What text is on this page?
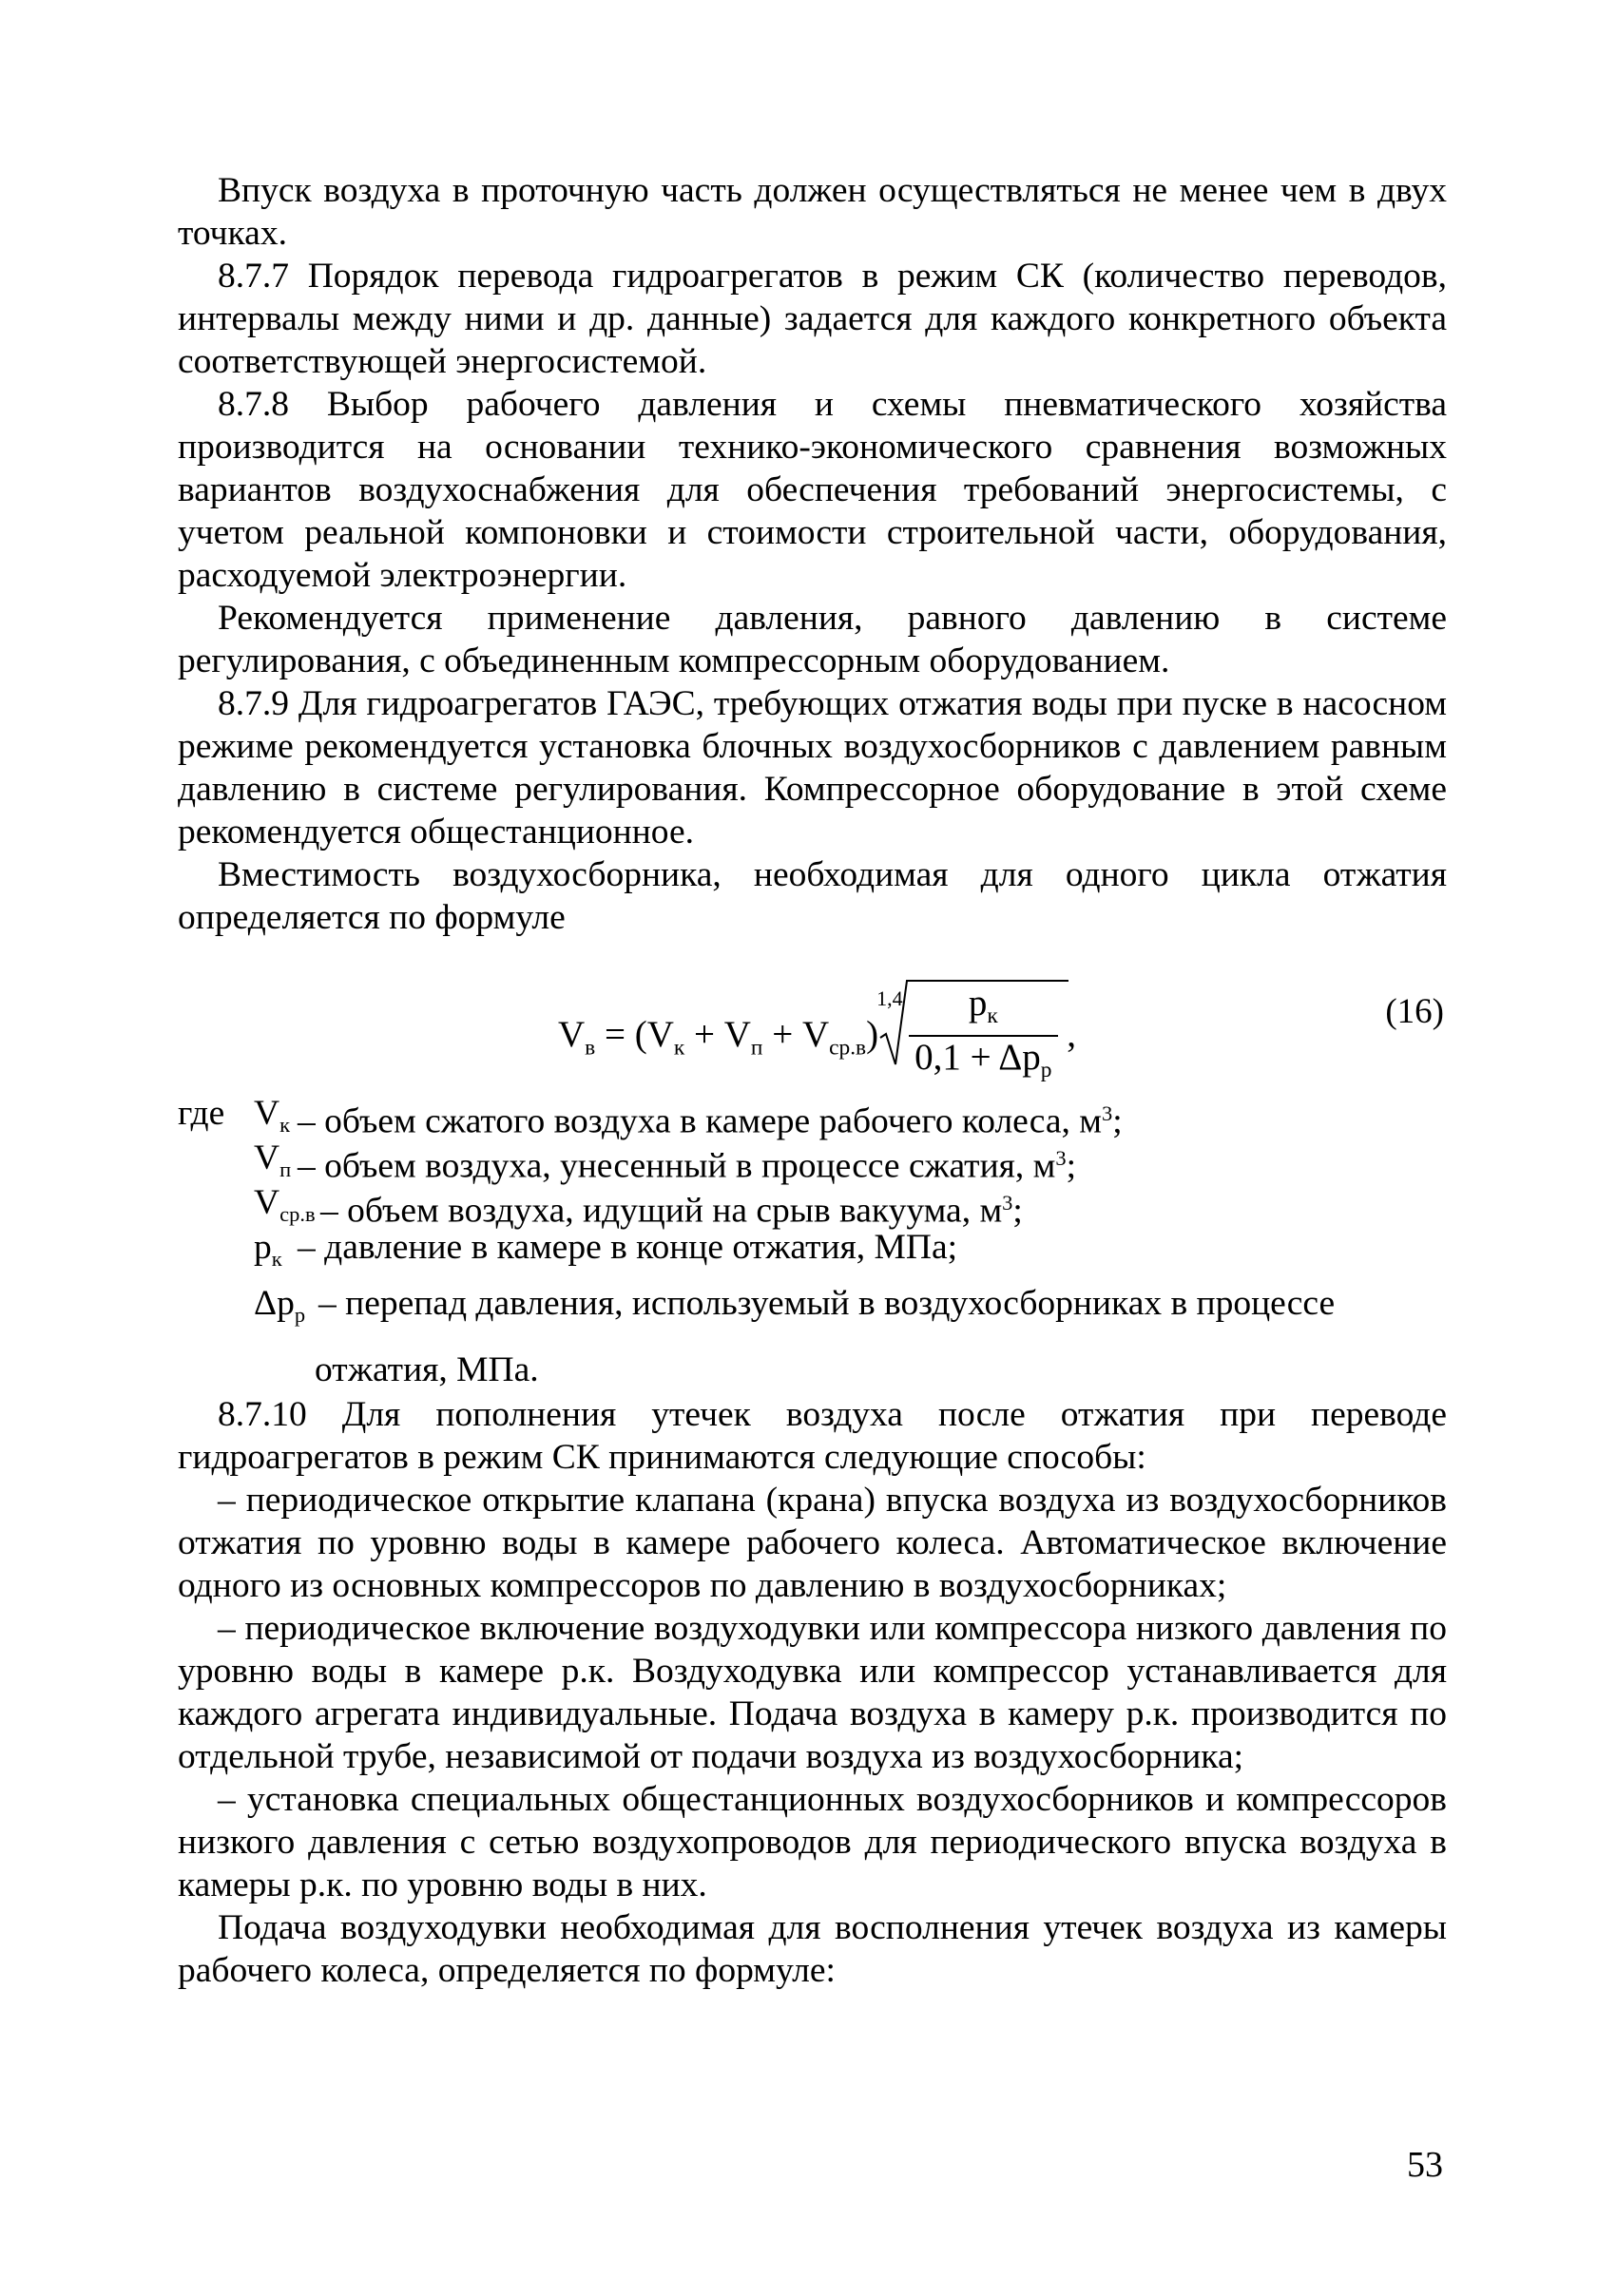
Впуск воздуха в проточную часть должен осуществляться не менее чем в двух точках.

8.7.7 Порядок перевода гидроагрегатов в режим СК (количество переводов, интервалы между ними и др. данные) задается для каждого конкретного объекта соответствующей энергосистемой.

8.7.8 Выбор рабочего давления и схемы пневматического хозяйства производится на основании технико-экономического сравнения возможных вариантов воздухоснабжения для обеспечения требований энергосистемы, с учетом реальной компоновки и стоимости строительной части, оборудования, расходуемой электроэнергии.

Рекомендуется применение давления, равного давлению в системе регулирования, с объединенным компрессорным оборудованием.

8.7.9 Для гидроагрегатов ГАЭС, требующих отжатия воды при пуске в насосном режиме рекомендуется установка блочных воздухосборников с давлением равным давлению в системе регулирования. Компрессорное оборудование в этой схеме рекомендуется общестанционное.

Вместимость воздухосборника, необходимая для одного цикла отжатия определяется по формуле

$V_в = (V_к + V_п + V_{ср.в})$
$1,4 \frac{p_к}{0,1 + \Delta p_р}$ ,
(16)
где $V_к$ – объем сжатого воздуха в камере рабочего колеса, $м^3$;
$V_п$ – объем воздуха, унесенный в процессе сжатия, $м^3$;
$V_{ср.в}$ – объем воздуха, идущий на срыв вакуума, $м^3$;
$p_к$ – давление в камере в конце отжатия, МПа;
$\Delta p_р$ – перепад давления, используемый в воздухосборниках в процессе
отжатия, МПа.

8.7.10 Для пополнения утечек воздуха после отжатия при переводе гидроагрегатов в режим СК принимаются следующие способы:

– периодическое открытие клапана (крана) впуска воздуха из воздухосборников отжатия по уровню воды в камере рабочего колеса. Автоматическое включение одного из основных компрессоров по давлению в воздухосборниках;

– периодическое включение воздуходувки или компрессора низкого давления по уровню воды в камере р.к. Воздуходувка или компрессор устанавливается для каждого агрегата индивидуальные. Подача воздуха в камеру р.к. производится по отдельной трубе, независимой от подачи воздуха из воздухосборника;

– установка специальных общестанционных воздухосборников и компрессоров низкого давления с сетью воздухопроводов для периодического впуска воздуха в камеры р.к. по уровню воды в них.

Подача воздуходувки необходимая для восполнения утечек воздуха из камеры рабочего колеса, определяется по формуле:

53
